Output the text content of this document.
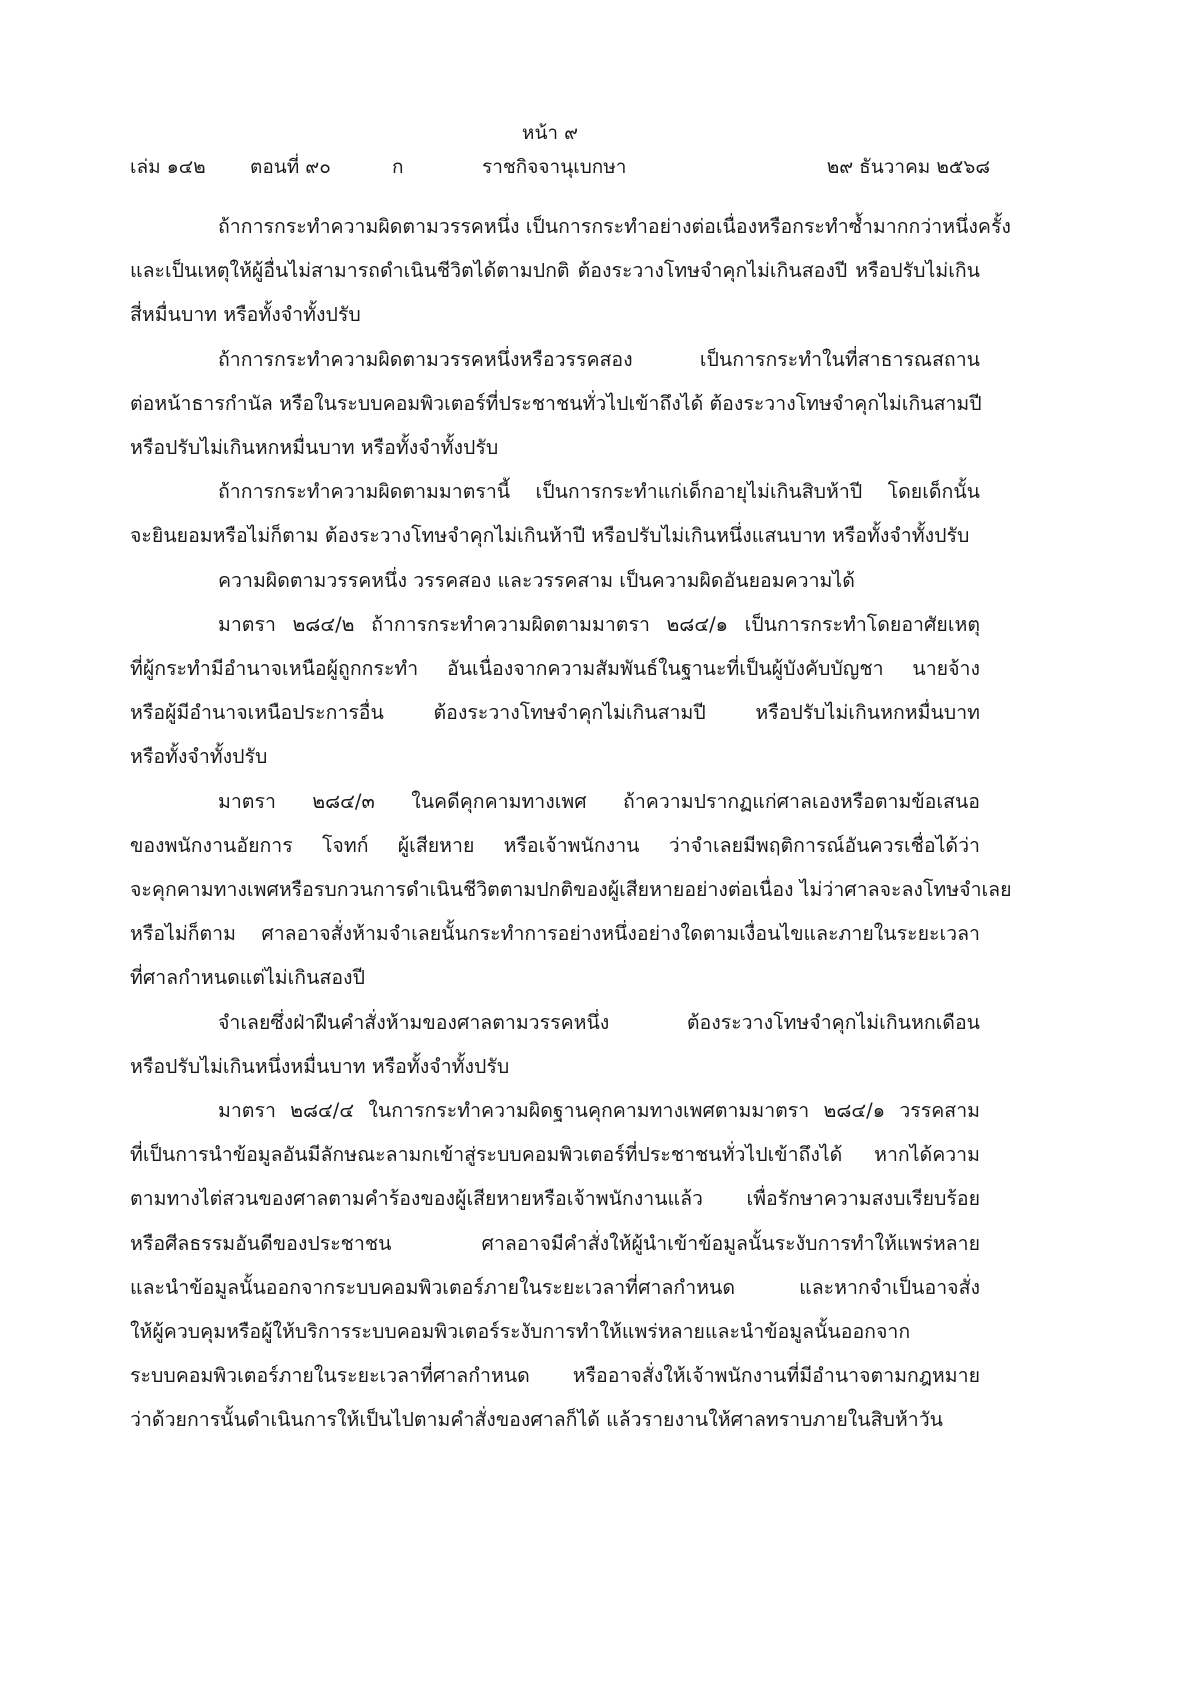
หน้า ๙
เล่ม ๑๔๒ ตอนที่ ๙๐	ก	ราชกิจจานุเบกษา	๒๙ ธันวาคม ๒๕๖๘
ถ้าการกระทำความผิดตามวรรคหนึ่ง เป็นการกระทำอย่างต่อเนื่องหรือกระทำซ้ำมากกว่าหนึ่งครั้ง
และเป็นเหตุให้ผู้อื่นไม่สามารถดำเนินชีวิตได้ตามปกติ ต้องระวางโทษจำคุกไม่เกินสองปี หรือปรับไม่เกิน
สี่หมื่นบาท หรือทั้งจำทั้งปรับ
ถ้าการกระทำความผิดตามวรรคหนึ่งหรือวรรคสอง เป็นการกระทำในที่สาธารณสถาน
ต่อหน้าธารกำนัล หรือในระบบคอมพิวเตอร์ที่ประชาชนทั่วไปเข้าถึงได้ ต้องระวางโทษจำคุกไม่เกินสามปี
หรือปรับไม่เกินหกหมื่นบาท หรือทั้งจำทั้งปรับ
ถ้าการกระทำความผิดตามมาตรานี้ เป็นการกระทำแก่เด็กอายุไม่เกินสิบห้าปี โดยเด็กนั้น
จะยินยอมหรือไม่ก็ตาม ต้องระวางโทษจำคุกไม่เกินห้าปี หรือปรับไม่เกินหนึ่งแสนบาท หรือทั้งจำทั้งปรับ
ความผิดตามวรรคหนึ่ง วรรคสอง และวรรคสาม เป็นความผิดอันยอมความได้
มาตรา ๒๘๔/๒ ถ้าการกระทำความผิดตามมาตรา ๒๘๔/๑ เป็นการกระทำโดยอาศัยเหตุ
ที่ผู้กระทำมีอำนาจเหนือผู้ถูกกระทำ อันเนื่องจากความสัมพันธ์ในฐานะที่เป็นผู้บังคับบัญชา นายจ้าง
หรือผู้มีอำนาจเหนือประการอื่น ต้องระวางโทษจำคุกไม่เกินสามปี หรือปรับไม่เกินหกหมื่นบาท
หรือทั้งจำทั้งปรับ
มาตรา ๒๘๔/๓ ในคดีคุกคามทางเพศ ถ้าความปรากฏแก่ศาลเองหรือตามข้อเสนอ
ของพนักงานอัยการ โจทก์ ผู้เสียหาย หรือเจ้าพนักงาน ว่าจำเลยมีพฤติการณ์อันควรเชื่อได้ว่า
จะคุกคามทางเพศหรือรบกวนการดำเนินชีวิตตามปกติของผู้เสียหายอย่างต่อเนื่อง ไม่ว่าศาลจะลงโทษจำเลย
หรือไม่ก็ตาม ศาลอาจสั่งห้ามจำเลยนั้นกระทำการอย่างหนึ่งอย่างใดตามเงื่อนไขและภายในระยะเวลา
ที่ศาลกำหนดแต่ไม่เกินสองปี
จำเลยซึ่งฝ่าฝืนคำสั่งห้ามของศาลตามวรรคหนึ่ง ต้องระวางโทษจำคุกไม่เกินหกเดือน
หรือปรับไม่เกินหนึ่งหมื่นบาท หรือทั้งจำทั้งปรับ
มาตรา ๒๘๔/๔ ในการกระทำความผิดฐานคุกคามทางเพศตามมาตรา ๒๘๔/๑ วรรคสาม
ที่เป็นการนำข้อมูลอันมีลักษณะลามกเข้าสู่ระบบคอมพิวเตอร์ที่ประชาชนทั่วไปเข้าถึงได้ หากได้ความ
ตามทางไต่สวนของศาลตามคำร้องของผู้เสียหายหรือเจ้าพนักงานแล้ว เพื่อรักษาความสงบเรียบร้อย
หรือศีลธรรมอันดีของประชาชน ศาลอาจมีคำสั่งให้ผู้นำเข้าข้อมูลนั้นระงับการทำให้แพร่หลาย
และนำข้อมูลนั้นออกจากระบบคอมพิวเตอร์ภายในระยะเวลาที่ศาลกำหนด และหากจำเป็นอาจสั่ง
ให้ผู้ควบคุมหรือผู้ให้บริการระบบคอมพิวเตอร์ระงับการทำให้แพร่หลายและนำข้อมูลนั้นออกจาก
ระบบคอมพิวเตอร์ภายในระยะเวลาที่ศาลกำหนด หรืออาจสั่งให้เจ้าพนักงานที่มีอำนาจตามกฎหมาย
ว่าด้วยการนั้นดำเนินการให้เป็นไปตามคำสั่งของศาลก็ได้ แล้วรายงานให้ศาลทราบภายในสิบห้าวัน
